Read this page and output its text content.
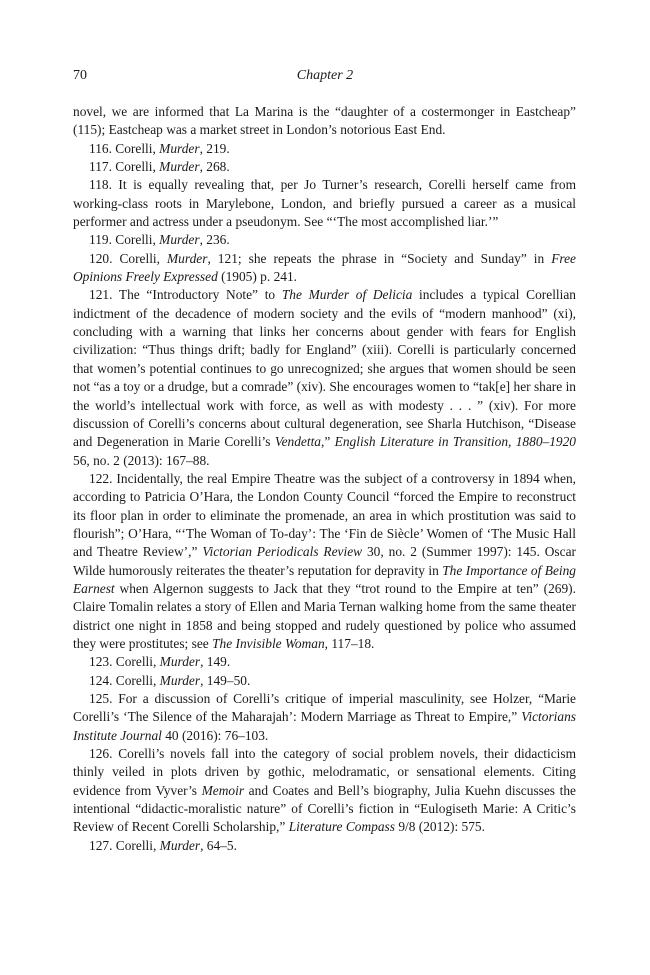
70	Chapter 2

novel, we are informed that La Marina is the “daughter of a costermonger in Eastcheap” (115); Eastcheap was a market street in London’s notorious East End.

116. Corelli, Murder, 219.

117. Corelli, Murder, 268.

118. It is equally revealing that, per Jo Turner’s research, Corelli herself came from working-class roots in Marylebone, London, and briefly pursued a career as a musical performer and actress under a pseudonym. See “‘The most accomplished liar.’”

119. Corelli, Murder, 236.

120. Corelli, Murder, 121; she repeats the phrase in “Society and Sunday” in Free Opinions Freely Expressed (1905) p. 241.

121. The “Introductory Note” to The Murder of Delicia includes a typical Corellian indictment of the decadence of modern society and the evils of “modern manhood” (xi), concluding with a warning that links her concerns about gender with fears for English civilization: “Thus things drift; badly for England” (xiii). Corelli is particularly concerned that women’s potential continues to go unrecognized; she argues that women should be seen not “as a toy or a drudge, but a comrade” (xiv). She encourages women to “tak[e] her share in the world’s intellectual work with force, as well as with modesty . . . ” (xiv). For more discussion of Corelli’s concerns about cultural degeneration, see Sharla Hutchison, “Disease and Degeneration in Marie Corelli’s Vendetta,” English Literature in Transition, 1880–1920 56, no. 2 (2013): 167–88.

122. Incidentally, the real Empire Theatre was the subject of a controversy in 1894 when, according to Patricia O’Hara, the London County Council “forced the Empire to reconstruct its floor plan in order to eliminate the promenade, an area in which prostitution was said to flourish”; O’Hara, “‘The Woman of To-day’: The ‘Fin de Siècle’ Women of ‘The Music Hall and Theatre Review’,” Victorian Periodicals Review 30, no. 2 (Summer 1997): 145. Oscar Wilde humorously reiterates the theater’s reputation for depravity in The Importance of Being Earnest when Algernon suggests to Jack that they “trot round to the Empire at ten” (269). Claire Tomalin relates a story of Ellen and Maria Ternan walking home from the same theater district one night in 1858 and being stopped and rudely questioned by police who assumed they were prostitutes; see The Invisible Woman, 117–18.

123. Corelli, Murder, 149.

124. Corelli, Murder, 149–50.

125. For a discussion of Corelli’s critique of imperial masculinity, see Holzer, “Marie Corelli’s ‘The Silence of the Maharajah’: Modern Marriage as Threat to Empire,” Victorians Institute Journal 40 (2016): 76–103.

126. Corelli’s novels fall into the category of social problem novels, their didacticism thinly veiled in plots driven by gothic, melodramatic, or sensational elements. Citing evidence from Vyver’s Memoir and Coates and Bell’s biography, Julia Kuehn discusses the intentional “didactic-moralistic nature” of Corelli’s fiction in “Eulogiseth Marie: A Critic’s Review of Recent Corelli Scholarship,” Literature Compass 9/8 (2012): 575.

127. Corelli, Murder, 64–5.
